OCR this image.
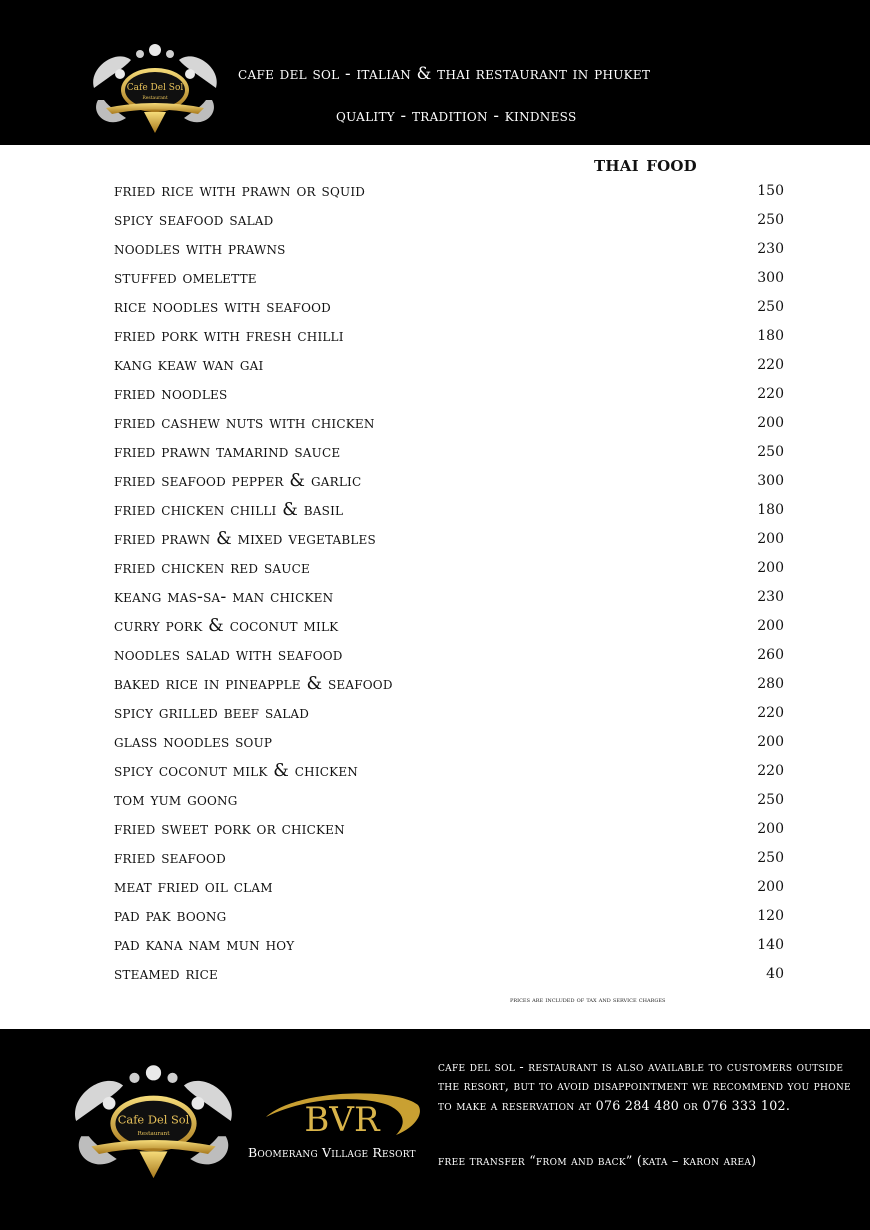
Cafe Del Sol
Restaurant
cafe del sol - italian & thai restaurant in phuket
quality - tradition - kindness
thai food
fried rice with prawn or squid	150
spicy seafood salad	250
noodles with prawns	230
stuffed omelette	300
rice noodles with seafood	250
fried pork with fresh chilli	180
kang keaw wan gai	220
fried noodles	220
fried cashew nuts with chicken	200
fried prawn tamarind sauce	250
fried seafood pepper & garlic	300
fried chicken chilli & basil	180
fried prawn & mixed vegetables	200
fried chicken red sauce	200
keang mas-sa- man chicken	230
curry pork & coconut milk	200
noodles salad with seafood	260
baked rice in pineapple & seafood	280
spicy grilled beef salad	220
glass noodles soup	200
spicy coconut milk & chicken	220
tom yum goong	250
fried sweet pork or chicken	200
fried seafood	250
meat fried oil clam	200
pad pak boong	120
pad kana nam mun hoy	140
steamed rice	40
prices are included of tax and service charges
Cafe Del Sol
Restaurant	BVR
Boomerang Village Resort

cafe del sol - restaurant is also available to customers outside the resort, but to avoid disappointment we recommend you phone to make a reservation at 076 284 480 or 076 333 102.

free transfer “from and back” (kata – karon area)
